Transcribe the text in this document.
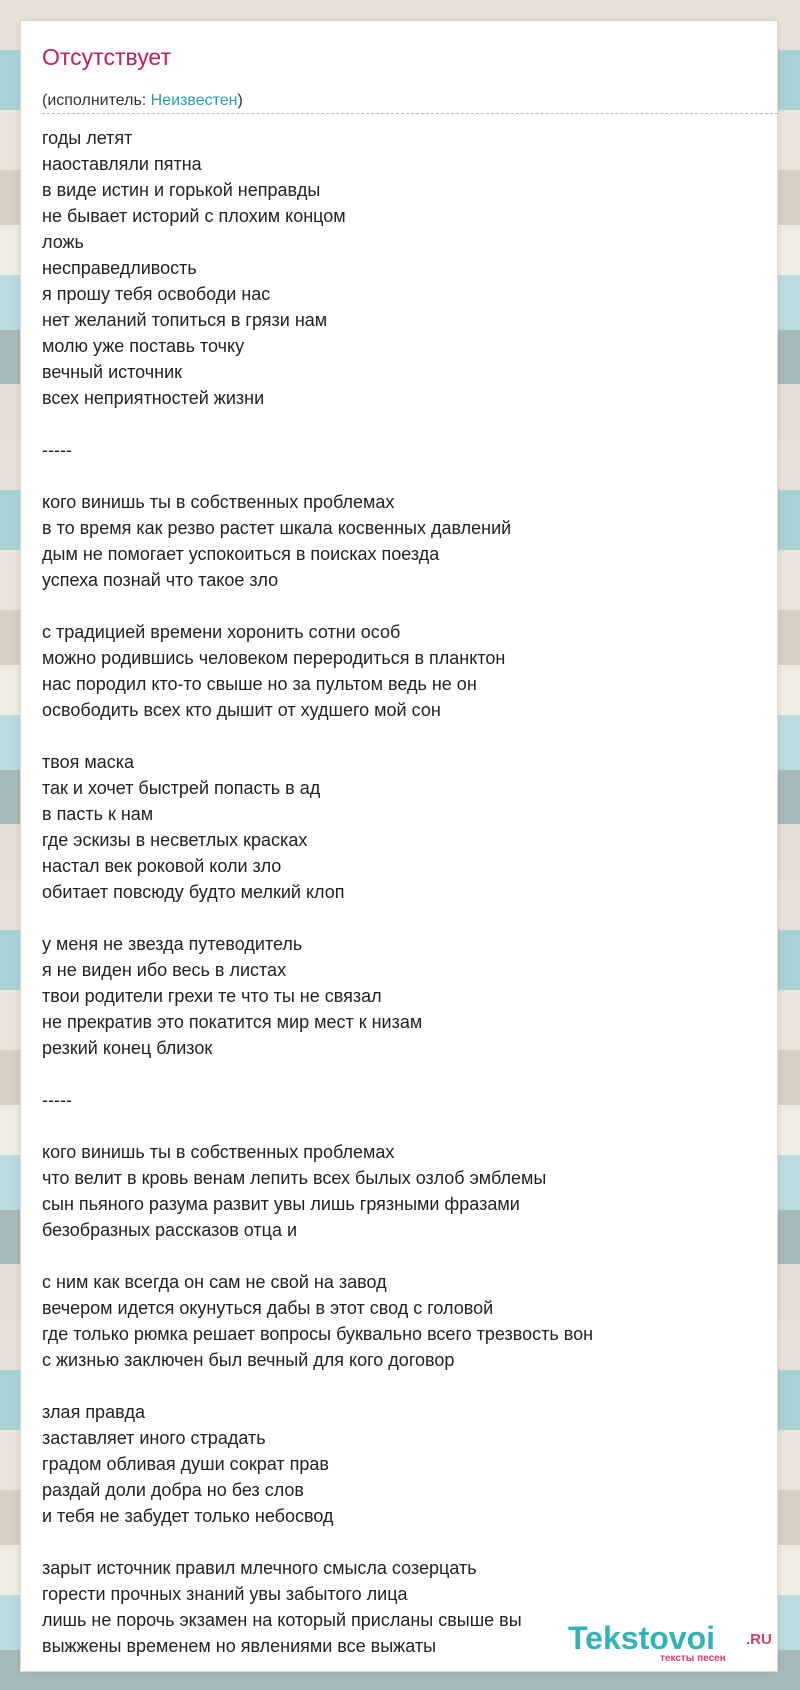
Отсутствует
(исполнитель: Неизвестен)
годы летят
наоставляли пятна
в виде истин и горькой неправды
не бывает историй с плохим концом
ложь
несправедливость
я прошу тебя освободи нас
нет желаний топиться в грязи нам
молю уже поставь точку
вечный источник
всех неприятностей жизни
-----
кого винишь ты в собственных проблемах
в то время как резво растет шкала косвенных давлений
дым не помогает успокоиться в поисках поезда
успеха познай что такое зло
с традицией времени хоронить сотни особ
можно родившись человеком переродиться в планктон
нас породил кто-то свыше но за пультом ведь не он
освободить всех кто дышит от худшего мой сон
твоя маска
так и хочет быстрей попасть в ад
в пасть к нам
где эскизы в несветлых красках
настал век роковой коли зло
обитает повсюду будто мелкий клоп
у меня не звезда путеводитель
я не виден ибо весь в листах
твои родители грехи те что ты не связал
не прекратив это покатится мир мест к низам
резкий конец близок
-----
кого винишь ты в собственных проблемах
что велит в кровь венам лепить всех былых озлоб эмблемы
сын пьяного разума развит увы лишь грязными фразами
безобразных рассказов отца и
с ним как всегда он сам не свой на завод
вечером идется окунуться дабы в этот свод с головой
где только рюмка решает вопросы буквально всего трезвость вон
с жизнью заключен был вечный для кого договор
злая правда
заставляет иного страдать
градом обливая души сократ прав
раздай доли добра но без слов
и тебя не забудет только небосвод
зарыт источник правил млечного смысла созерцать
горести прочных знаний увы забытого лица
лишь не порочь экзамен на который присланы свыше вы
выжжены временем но явлениями все выжаты	Tekstovoi .RU
тексты песен
